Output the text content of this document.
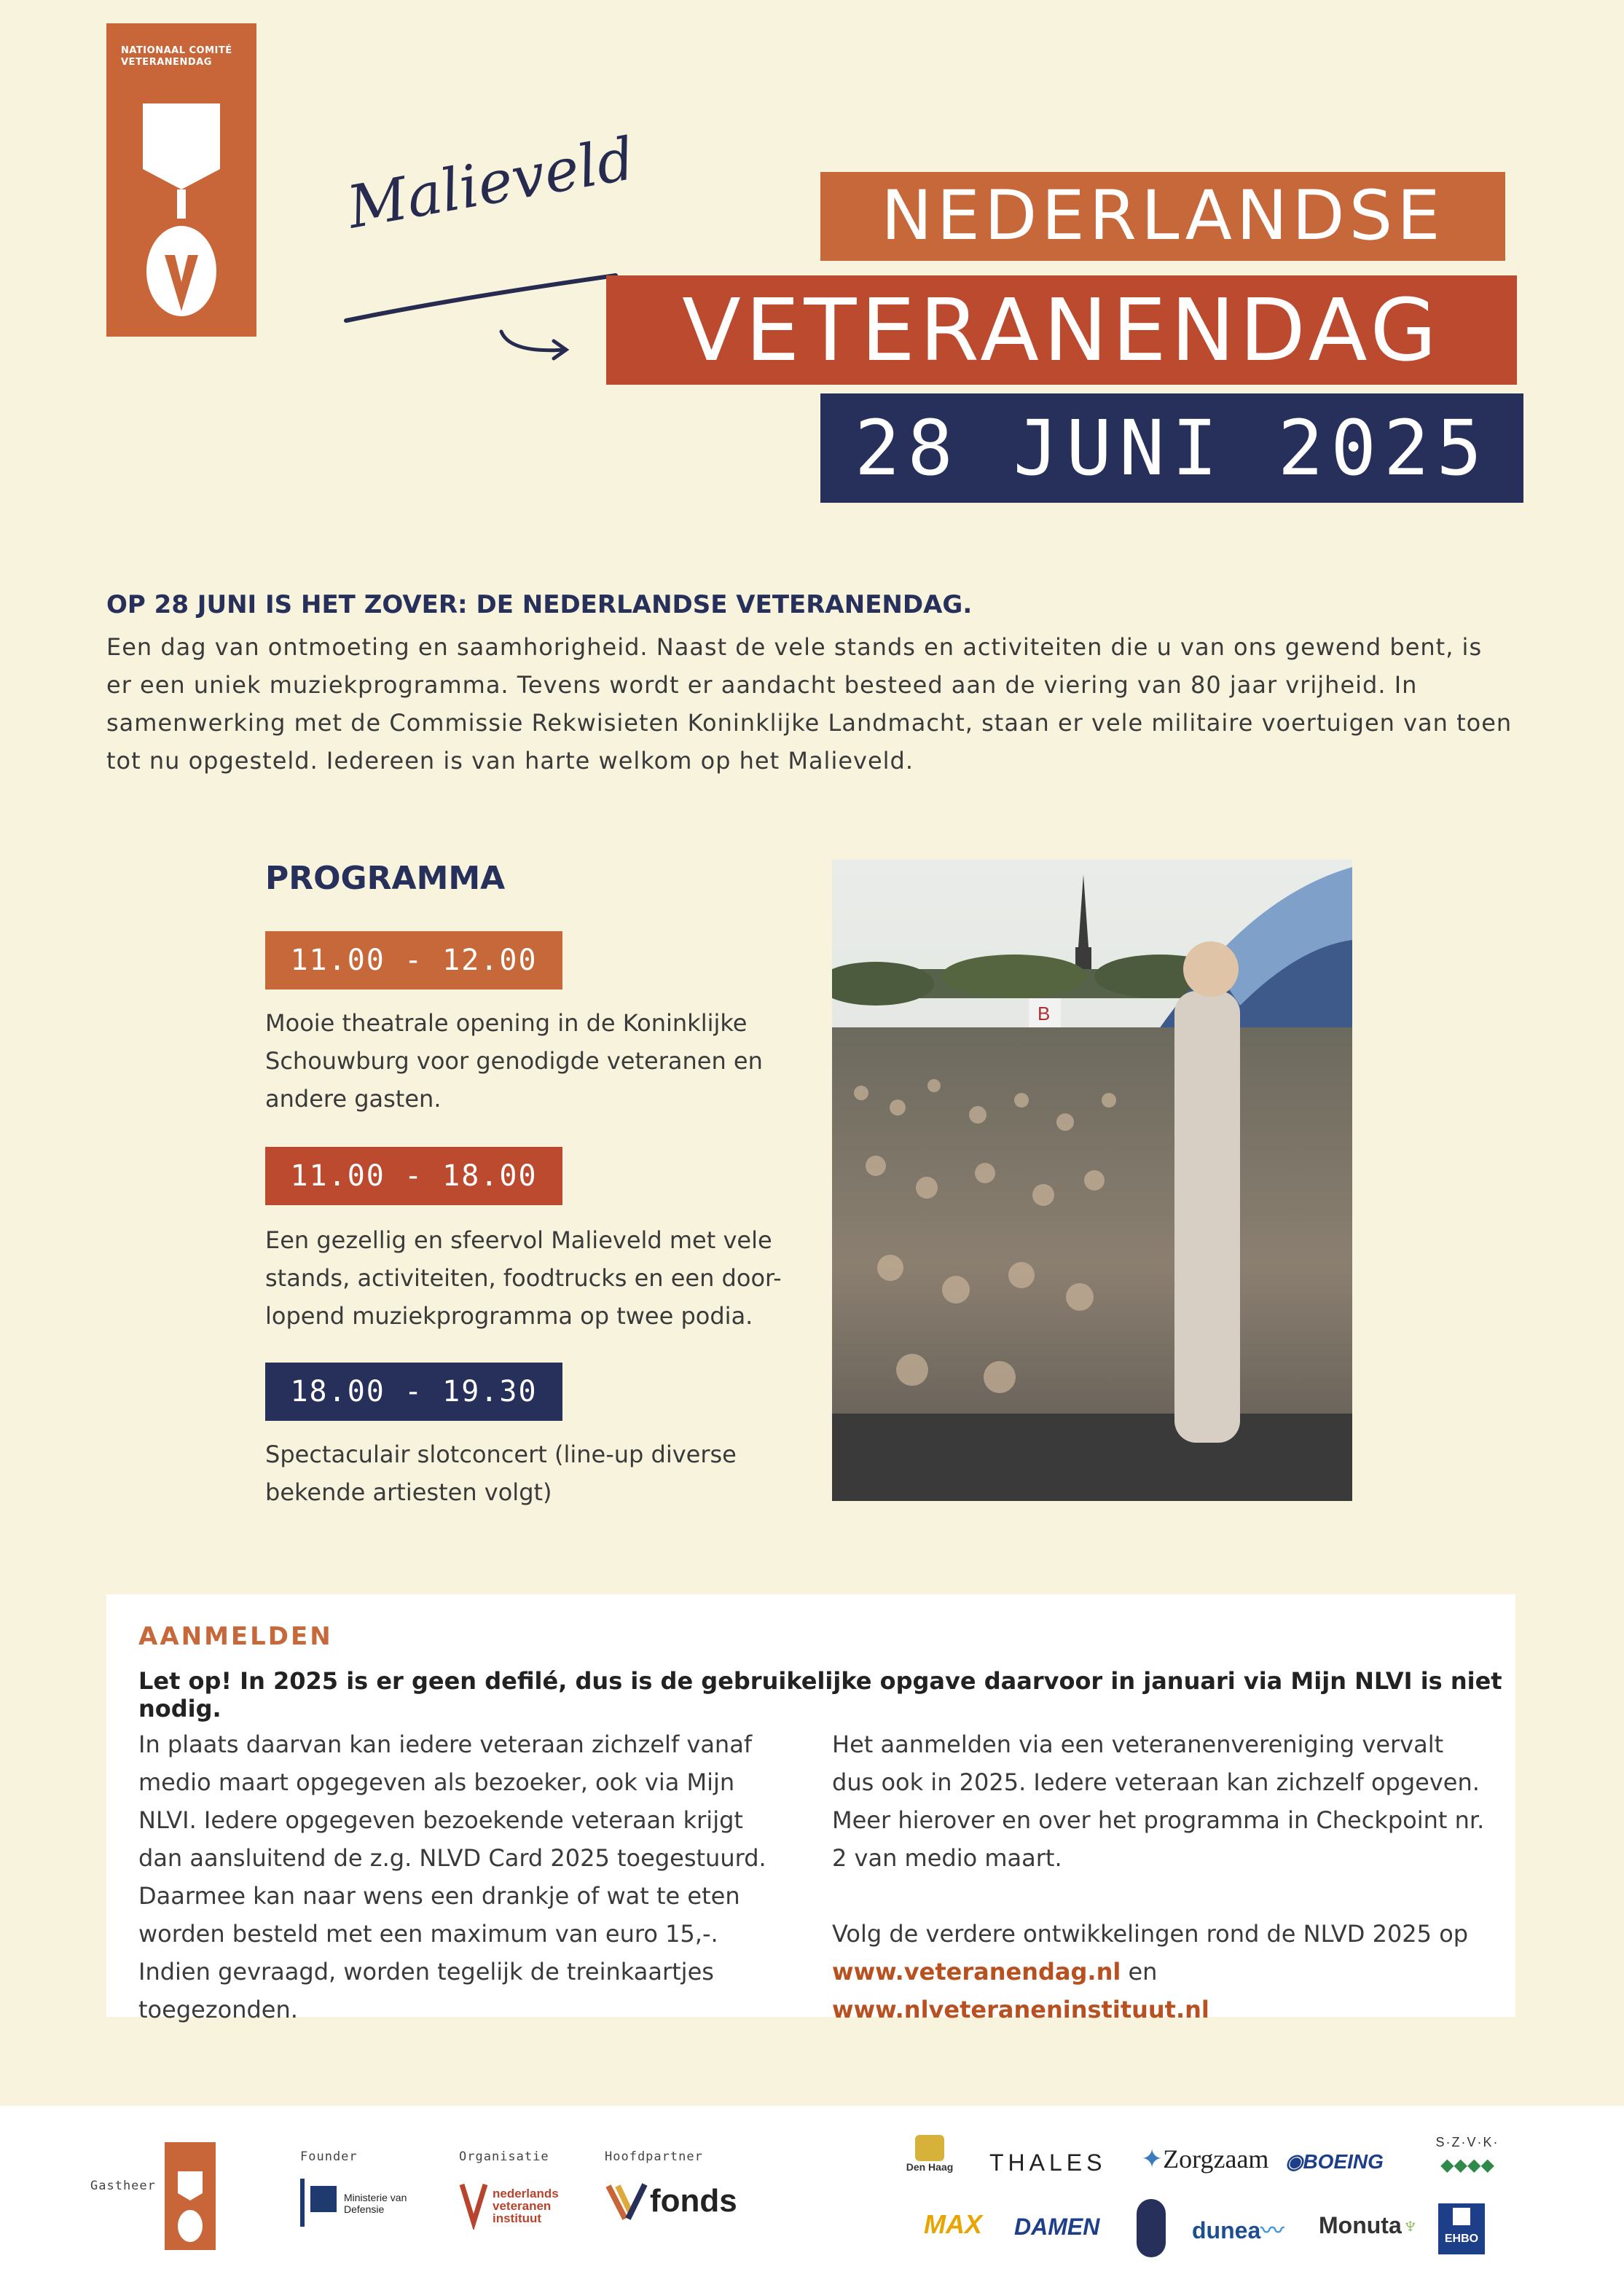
NATIONAAL COMITÉ VETERANENDAG
Malieveld	NEDERLANDSE
VETERANENDAG
28 JUNI 2025
OP 28 JUNI IS HET ZOVER: DE NEDERLANDSE VETERANENDAG.

Een dag van ontmoeting en saamhorigheid. Naast de vele stands en activiteiten die u van ons gewend bent, is er een uniek muziekprogramma. Tevens wordt er aandacht besteed aan de viering van 80 jaar vrijheid. In samenwerking met de Commissie Rekwisieten Koninklijke Landmacht, staan er vele militaire voertuigen van toen tot nu opgesteld. Iedereen is van harte welkom op het Malieveld.

PROGRAMMA
11.00 - 12.00

Mooie theatrale opening in de Koninklijke Schouwburg voor genodigde veteranen en andere gasten.

11.00 - 18.00

Een gezellig en sfeervol Malieveld met vele stands, activiteiten, foodtrucks en een door-lopend muziekprogramma op twee podia.

18.00 - 19.30

Spectaculair slotconcert (line-up diverse bekende artiesten volgt)

B
AANMELDEN
Let op! In 2025 is er geen defilé, dus is de gebruikelijke opgave daarvoor in januari via Mijn NLVI is niet nodig.

In plaats daarvan kan iedere veteraan zichzelf vanaf medio maart opgegeven als bezoeker, ook via Mijn NLVI. Iedere opgegeven bezoekende veteraan krijgt dan aansluitend de z.g. NLVD Card 2025 toegestuurd. Daarmee kan naar wens een drankje of wat te eten worden besteld met een maximum van euro 15,-. Indien gevraagd, worden tegelijk de treinkaartjes toegezonden.

Het aanmelden via een veteranenvereniging vervalt dus ook in 2025. Iedere veteraan kan zichzelf opgeven. Meer hierover en over het programma in Checkpoint nr. 2 van medio maart.
Volg de verdere ontwikkelingen rond de NLVD 2025 op
www.veteranendag.nl en www.nlveteraneninstituut.nl
Gastheer
Founder
Ministerie van Defensie
Organisatie
nederlands veteranen instituut
Hoofdpartner
fonds
Den Haag THALES ✦Zorgzaam ◉BOEING
S·Z·V·K·
◆◆◆◆
MAX DAMEN	dunea〰 Monuta♆
EHBO
